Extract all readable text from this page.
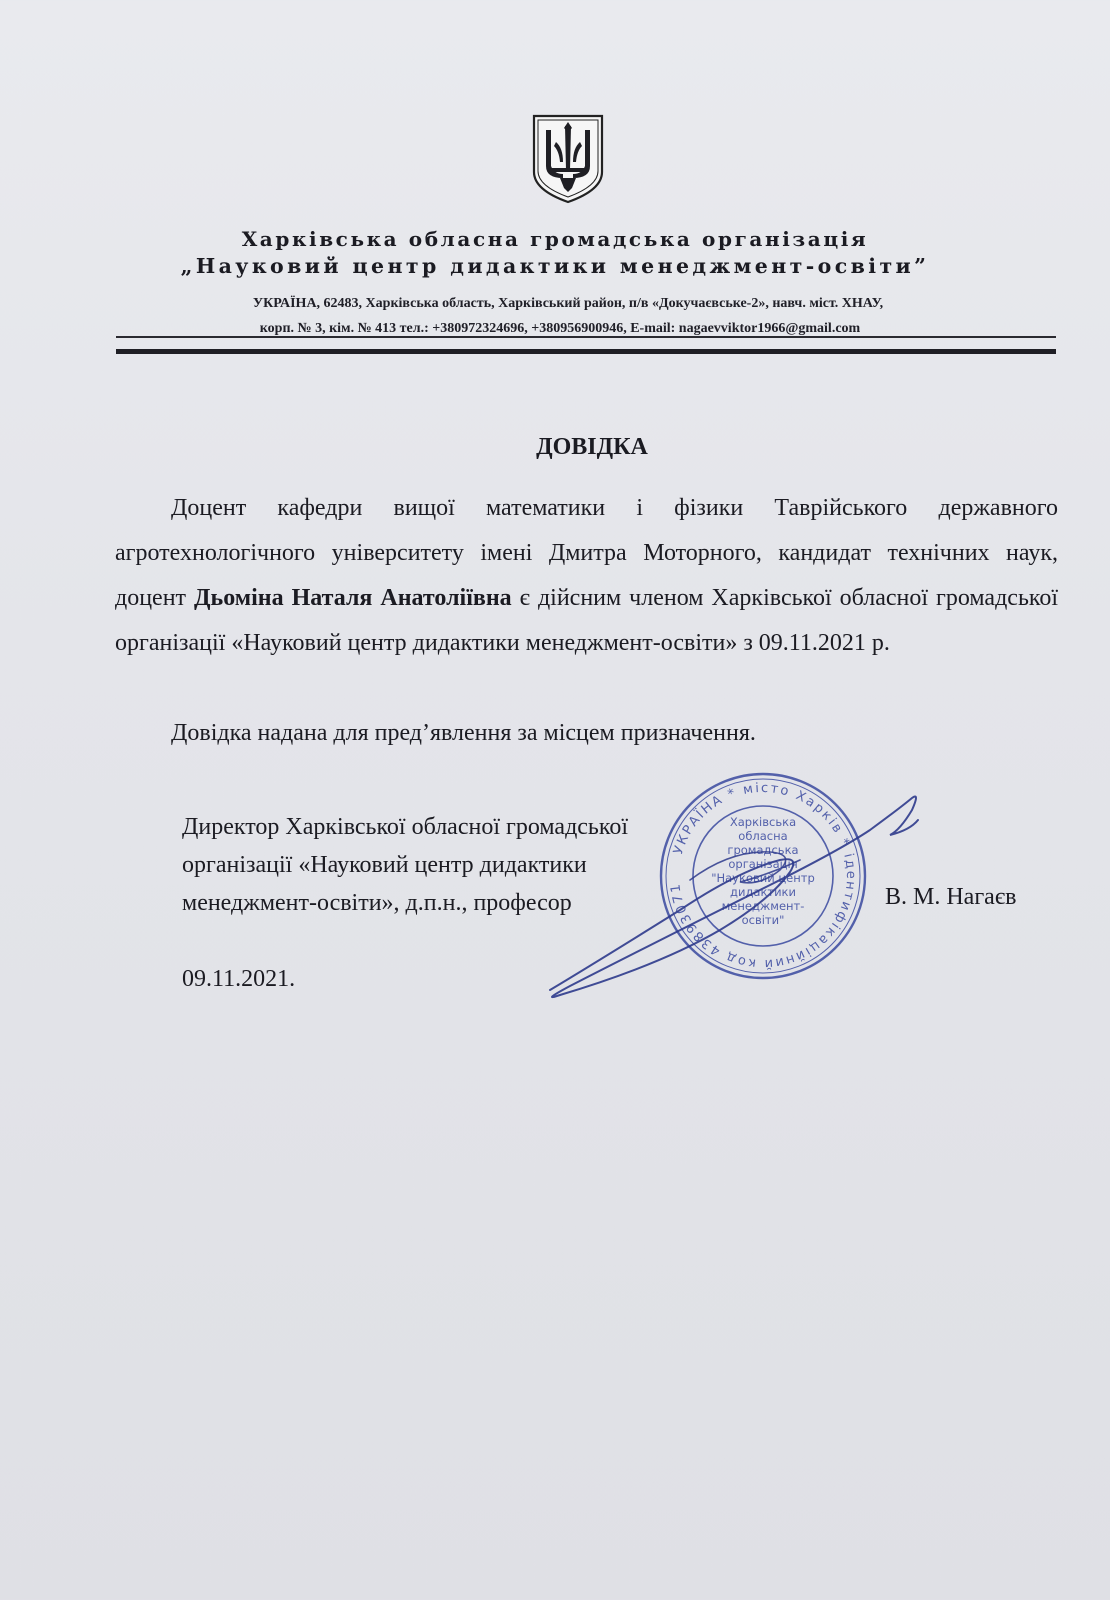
Харківська обласна громадська організація
„Науковий центр дидактики менеджмент-освіти”
УКРАЇНА, 62483, Харківська область, Харківський район, п/в «Докучаєвське-2», навч. міст. ХНАУ,
корп. № 3, кім. № 413 тел.: +380972324696, +380956900946, E-mail: nagaevviktor1966@gmail.com
ДОВІДКА

Доцент кафедри вищої математики і фізики Таврійського державного агротехнологічного університету імені Дмитра Моторного, кандидат технічних наук, доцент Дьоміна Наталя Анатоліївна є дійсним членом Харківської обласної громадської організації «Науковий центр дидактики менеджмент-освіти» з 09.11.2021 р.

Довідка надана для пред’явлення за місцем призначення.
Директор Харківської обласної громадської
організації «Науковий центр дидактики
менеджмент-освіти», д.п.н., професор	В. М. Нагаєв
09.11.2021.
УКРАЇНА * місто Харків * ідентифікаційний код 43893071
Харківська
обласна
громадська
організація
"Науковий центр
дидактики
менеджмент-
освіти"
